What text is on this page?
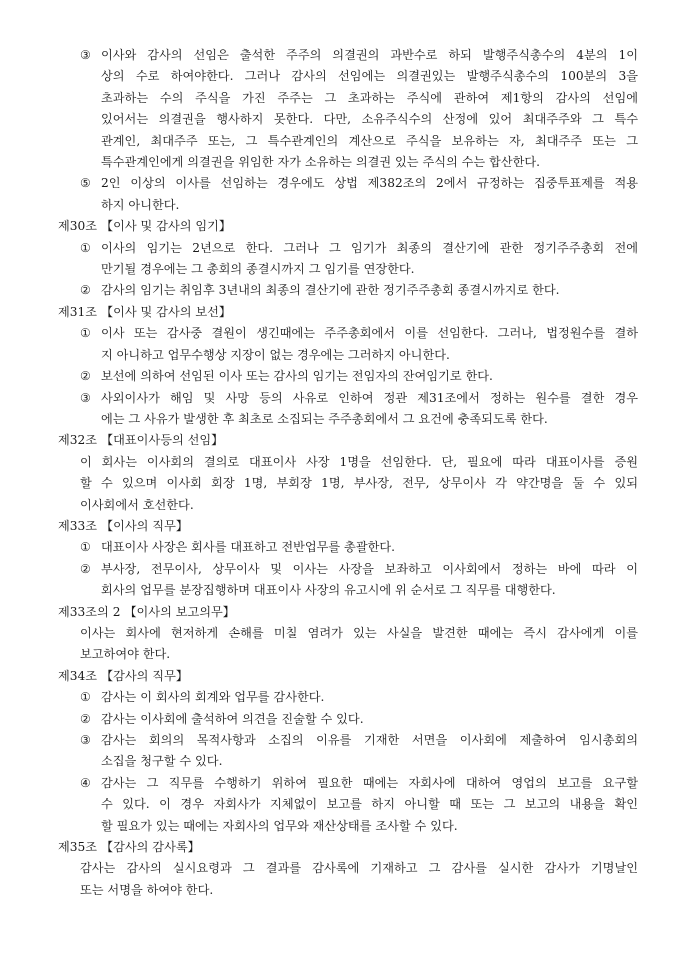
③ 이사와 감사의 선임은 출석한 주주의 의결권의 과반수로 하되 발행주식총수의 4분의 1이
상의 수로 하여야한다. 그러나 감사의 선임에는 의결권있는 발행주식총수의 100분의 3을
초과하는 수의 주식을 가진 주주는 그 초과하는 주식에 관하여 제1항의 감사의 선임에
있어서는 의결권을 행사하지 못한다. 다만, 소유주식수의 산정에 있어 최대주주와 그 특수
관계인, 최대주주 또는, 그 특수관계인의 계산으로 주식을 보유하는 자, 최대주주 또는 그
특수관계인에게 의결권을 위임한 자가 소유하는 의결권 있는 주식의 수는 합산한다.
⑤ 2인 이상의 이사를 선임하는 경우에도 상법 제382조의 2에서 규정하는 집중투표제를 적용
하지 아니한다.
제30조 【이사 및 감사의 임기】
① 이사의 임기는 2년으로 한다. 그러나 그 임기가 최종의 결산기에 관한 정기주주총회 전에
만기될 경우에는 그 총회의 종결시까지 그 임기를 연장한다.
② 감사의 임기는 취임후 3년내의 최종의 결산기에 관한 정기주주총회 종결시까지로 한다.
제31조 【이사 및 감사의 보선】
① 이사 또는 감사중 결원이 생긴때에는 주주총회에서 이를 선임한다. 그러나, 법정원수를 결하
지 아니하고 업무수행상 지장이 없는 경우에는 그러하지 아니한다.
② 보선에 의하여 선임된 이사 또는 감사의 임기는 전임자의 잔여임기로 한다.
③ 사외이사가 해임 및 사망 등의 사유로 인하여 정관 제31조에서 정하는 원수를 결한 경우
에는 그 사유가 발생한 후 최초로 소집되는 주주총회에서 그 요건에 충족되도록 한다.
제32조 【대표이사등의 선임】
이 회사는 이사회의 결의로 대표이사 사장 1명을 선임한다. 단, 필요에 따라 대표이사를 증원
할 수 있으며 이사회 회장 1명, 부회장 1명, 부사장, 전무, 상무이사 각 약간명을 둘 수 있되
이사회에서 호선한다.
제33조 【이사의 직무】
① 대표이사 사장은 회사를 대표하고 전반업무를 총괄한다.
② 부사장, 전무이사, 상무이사 및 이사는 사장을 보좌하고 이사회에서 정하는 바에 따라 이
회사의 업무를 분장집행하며 대표이사 사장의 유고시에 위 순서로 그 직무를 대행한다.
제33조의 2 【이사의 보고의무】
이사는 회사에 현저하게 손해를 미칠 염려가 있는 사실을 발견한 때에는 즉시 감사에게 이를
보고하여야 한다.
제34조 【감사의 직무】
① 감사는 이 회사의 회계와 업무를 감사한다.
② 감사는 이사회에 출석하여 의견을 진술할 수 있다.
③ 감사는 회의의 목적사항과 소집의 이유를 기재한 서면을 이사회에 제출하여 임시총회의
소집을 청구할 수 있다.
④ 감사는 그 직무를 수행하기 위하여 필요한 때에는 자회사에 대하여 영업의 보고를 요구할
수 있다. 이 경우 자회사가 지체없이 보고를 하지 아니할 때 또는 그 보고의 내용을 확인
할 필요가 있는 때에는 자회사의 업무와 재산상태를 조사할 수 있다.
제35조 【감사의 감사록】
감사는 감사의 실시요령과 그 결과를 감사록에 기재하고 그 감사를 실시한 감사가 기명날인
또는 서명을 하여야 한다.
